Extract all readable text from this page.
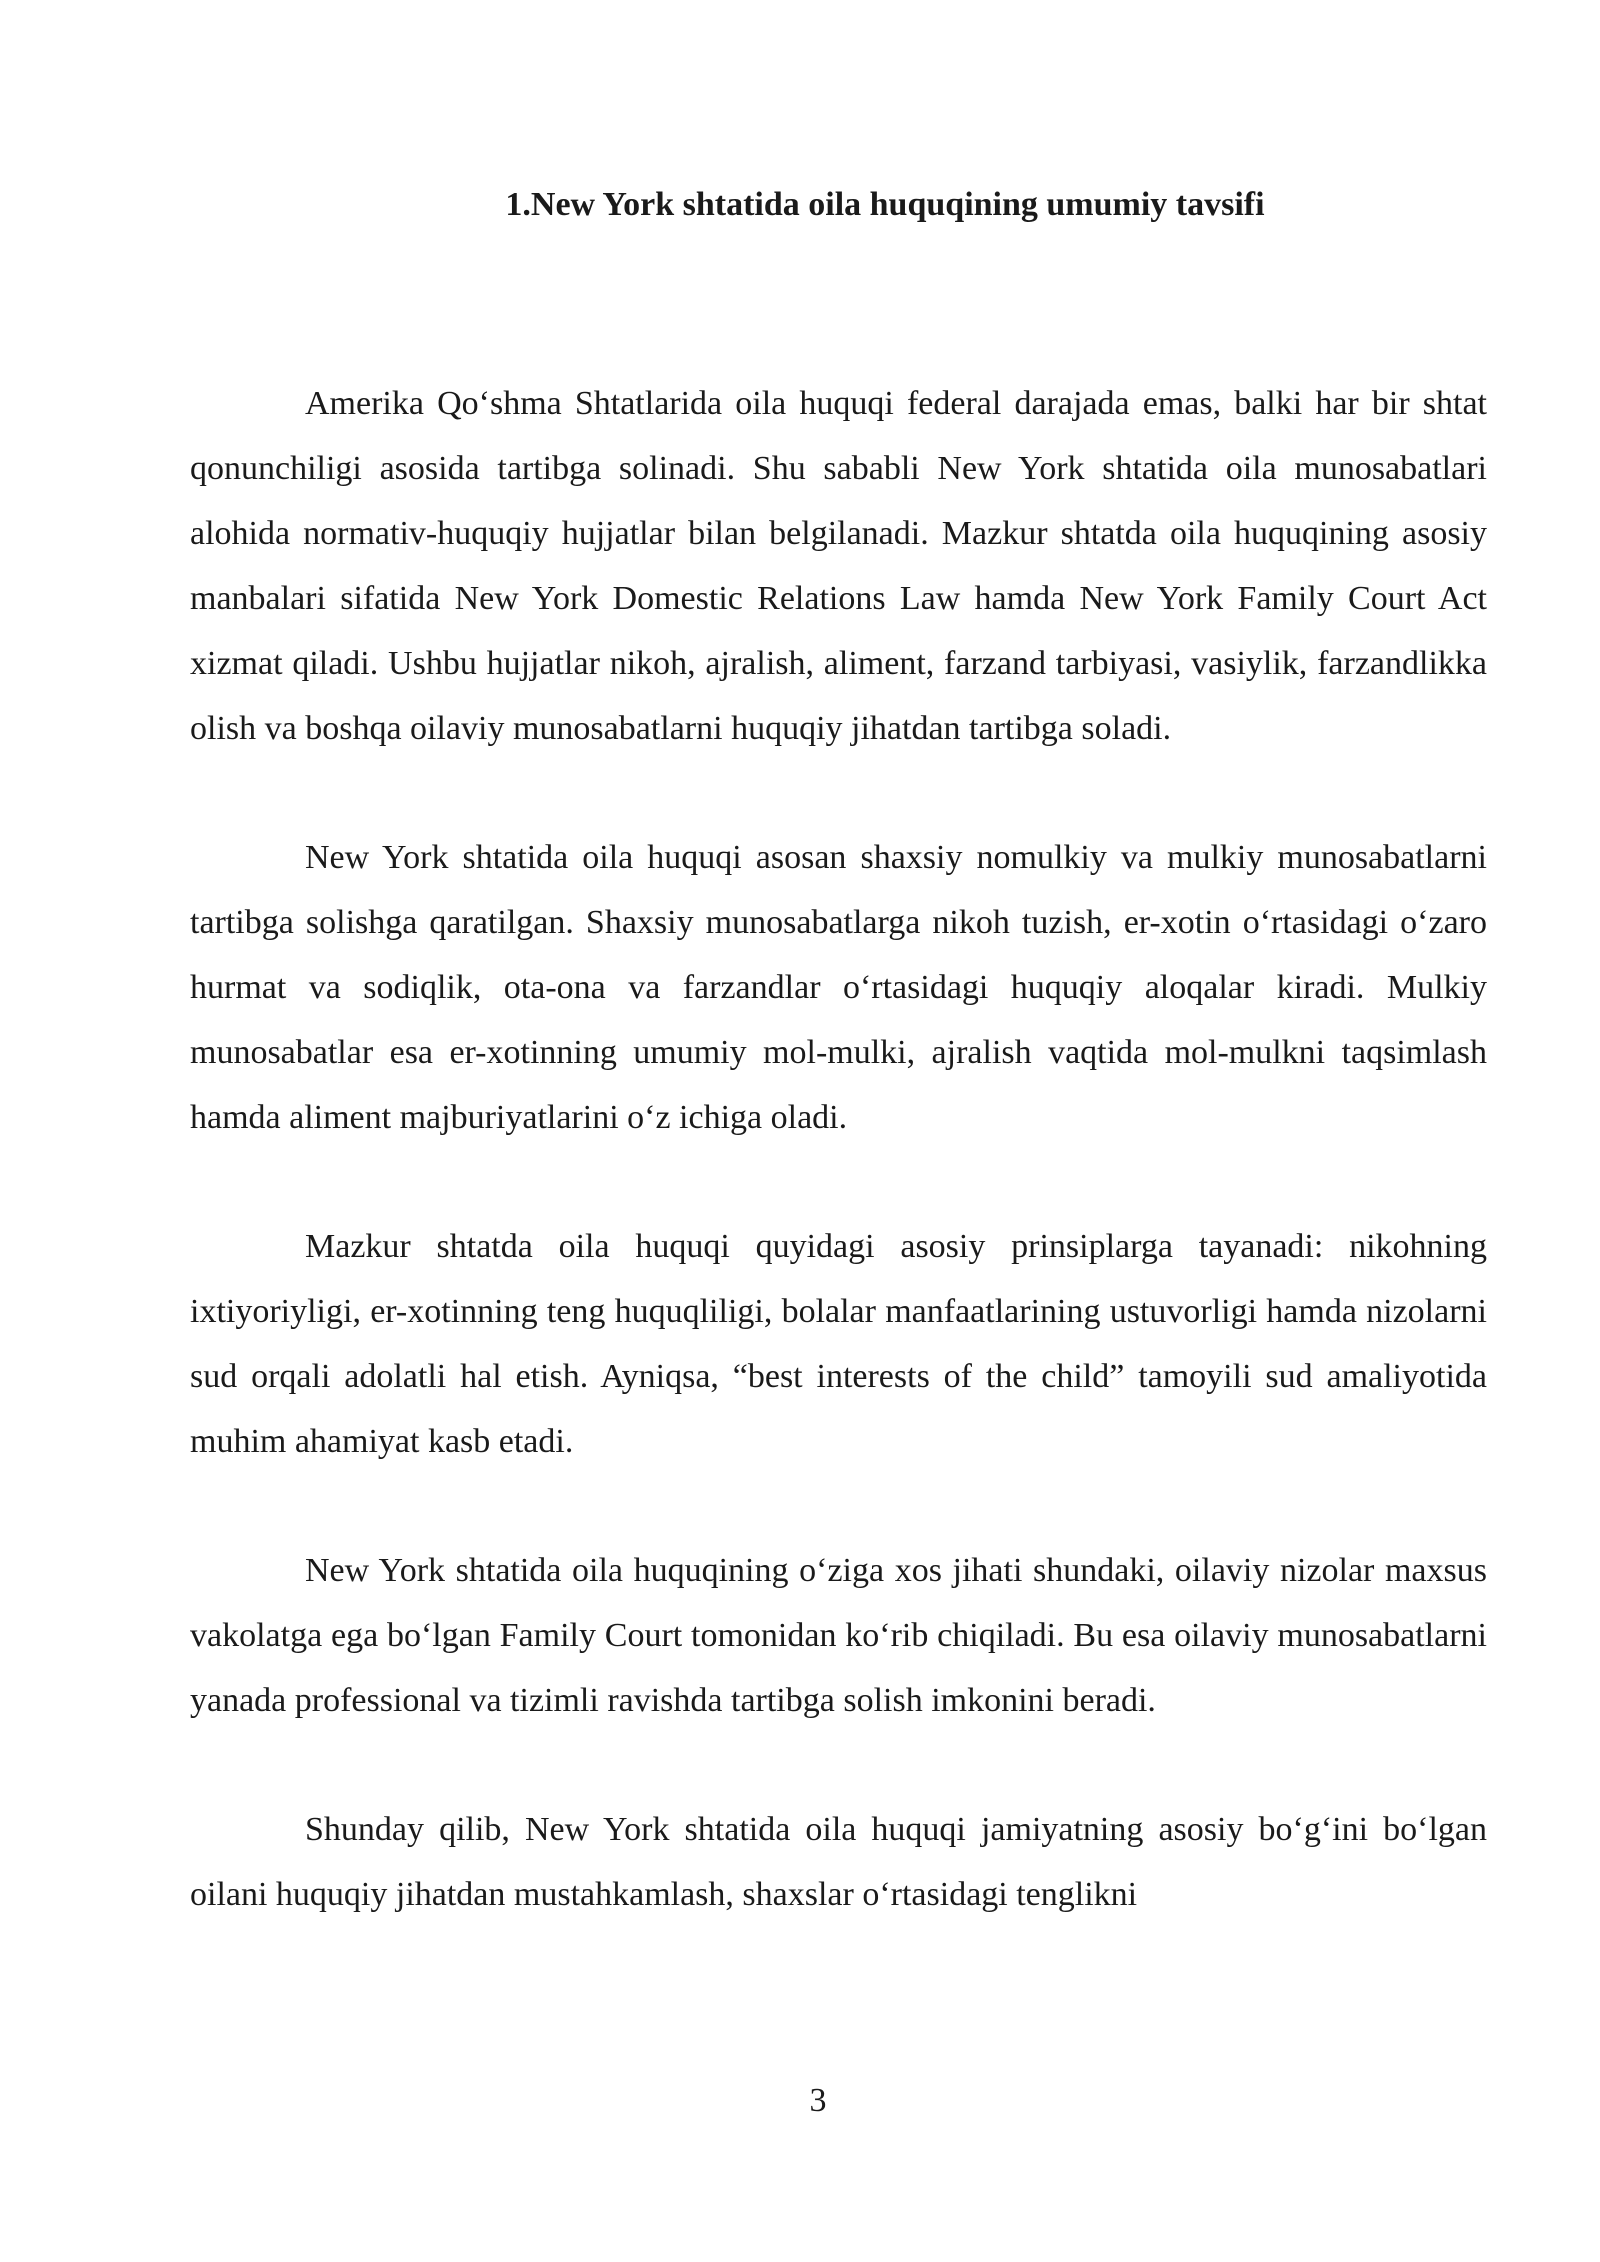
1.New York shtatida oila huquqining umumiy tavsifi

Amerika Qo‘shma Shtatlarida oila huquqi federal darajada emas, balki har bir shtat qonunchiligi asosida tartibga solinadi. Shu sababli New York shtatida oila munosabatlari alohida normativ-huquqiy hujjatlar bilan belgilanadi. Mazkur shtatda oila huquqining asosiy manbalari sifatida New York Domestic Relations Law hamda New York Family Court Act xizmat qiladi. Ushbu hujjatlar nikoh, ajralish, aliment, farzand tarbiyasi, vasiylik, farzandlikka olish va boshqa oilaviy munosabatlarni huquqiy jihatdan tartibga soladi.

New York shtatida oila huquqi asosan shaxsiy nomulkiy va mulkiy munosabatlarni tartibga solishga qaratilgan. Shaxsiy munosabatlarga nikoh tuzish, er-xotin o‘rtasidagi o‘zaro hurmat va sodiqlik, ota-ona va farzandlar o‘rtasidagi huquqiy aloqalar kiradi. Mulkiy munosabatlar esa er-xotinning umumiy mol-mulki, ajralish vaqtida mol-mulkni taqsimlash hamda aliment majburiyatlarini o‘z ichiga oladi.

Mazkur shtatda oila huquqi quyidagi asosiy prinsiplarga tayanadi: nikohning ixtiyoriyligi, er-xotinning teng huquqliligi, bolalar manfaatlarining ustuvorligi hamda nizolarni sud orqali adolatli hal etish. Ayniqsa, “best interests of the child” tamoyili sud amaliyotida muhim ahamiyat kasb etadi.

New York shtatida oila huquqining o‘ziga xos jihati shundaki, oilaviy nizolar maxsus vakolatga ega bo‘lgan Family Court tomonidan ko‘rib chiqiladi. Bu esa oilaviy munosabatlarni yanada professional va tizimli ravishda tartibga solish imkonini beradi.

Shunday qilib, New York shtatida oila huquqi jamiyatning asosiy bo‘g‘ini bo‘lgan oilani huquqiy jihatdan mustahkamlash, shaxslar o‘rtasidagi tenglikni

3
